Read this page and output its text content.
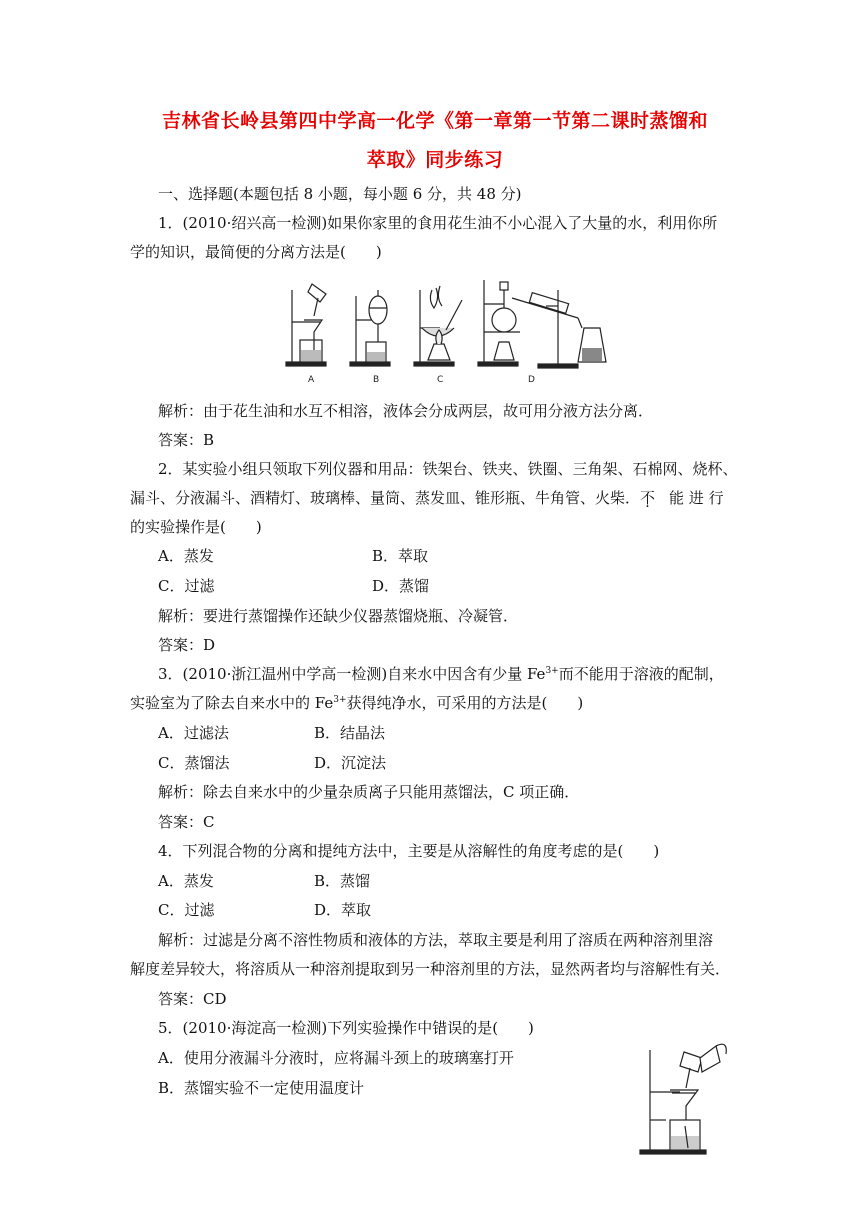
吉林省长岭县第四中学高一化学《第一章第一节第二课时蒸馏和
萃取》同步练习
一、选择题(本题包括 8 小题，每小题 6 分，共 48 分)
1．(2010·绍兴高一检测)如果你家里的食用花生油不小心混入了大量的水，利用你所
学的知识，最简便的分离方法是(　　)
A	B	C	D
解析：由于花生油和水互不相溶，液体会分成两层，故可用分液方法分离．
答案：B
2．某实验小组只领取下列仪器和用品：铁架台、铁夹、铁圈、三角架、石棉网、烧杯、
漏斗、分液漏斗、酒精灯、玻璃棒、量筒、蒸发皿、锥形瓶、牛角管、火柴．不 能 进 行
的实验操作是(　　)
A．蒸发	B．萃取
C．过滤	D．蒸馏
解析：要进行蒸馏操作还缺少仪器蒸馏烧瓶、冷凝管．
答案：D
3．(2010·浙江温州中学高一检测)自来水中因含有少量 $Fe^{3+}$而不能用于溶液的配制，
实验室为了除去自来水中的 $Fe^{3+}$获得纯净水，可采用的方法是(　　)
A．过滤法	B．结晶法
C．蒸馏法	D．沉淀法
解析：除去自来水中的少量杂质离子只能用蒸馏法，C 项正确．
答案：C
4．下列混合物的分离和提纯方法中，主要是从溶解性的角度考虑的是(　　)
A．蒸发	B．蒸馏
C．过滤	D．萃取
解析：过滤是分离不溶性物质和液体的方法，萃取主要是利用了溶质在两种溶剂里溶
解度差异较大，将溶质从一种溶剂提取到另一种溶剂里的方法，显然两者均与溶解性有关．
答案：CD
5．(2010·海淀高一检测)下列实验操作中错误的是(　　)
A．使用分液漏斗分液时，应将漏斗颈上的玻璃塞打开
B．蒸馏实验不一定使用温度计
